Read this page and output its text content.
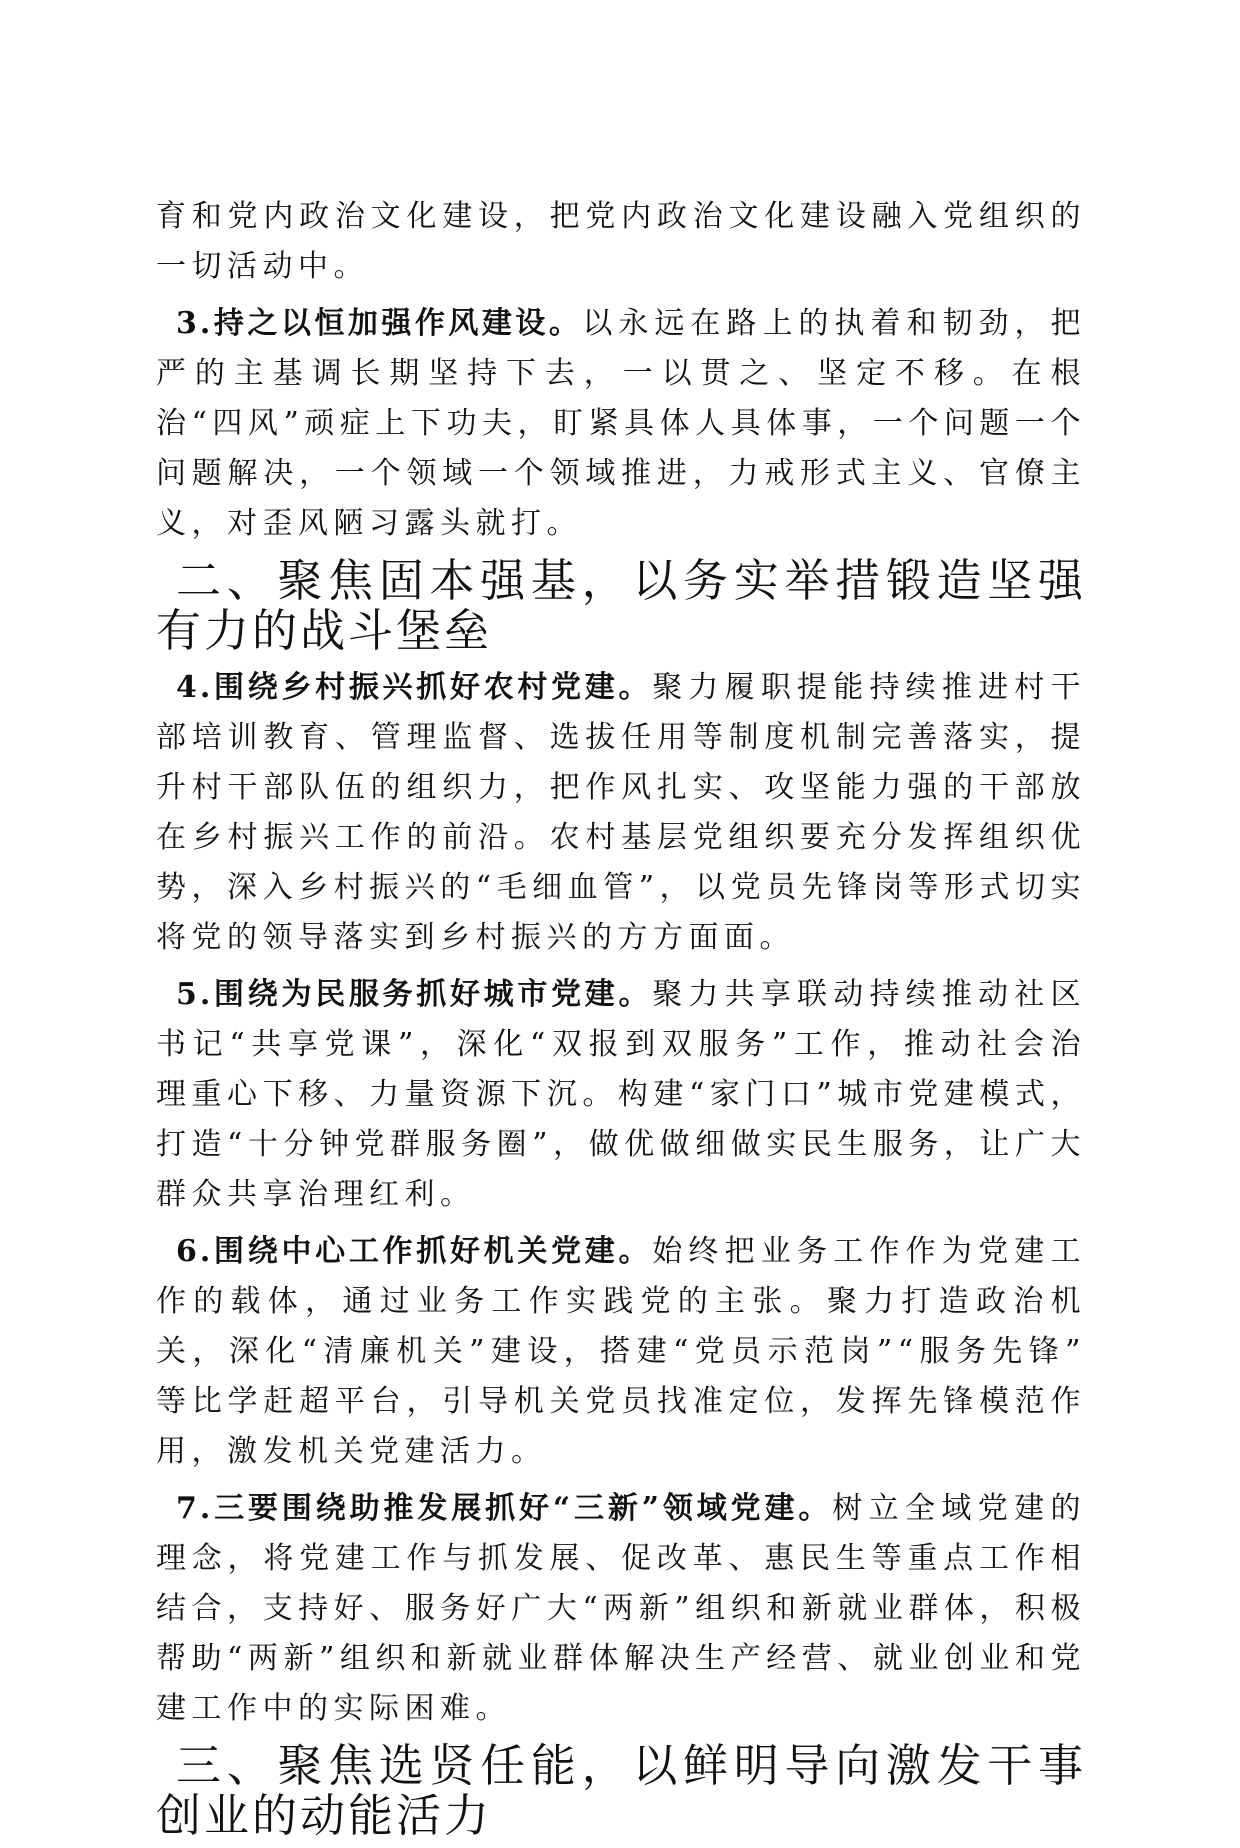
育和党内政治文化建设，把党内政治文化建设融入党组织的一切活动中。

3.持之以恒加强作风建设。以永远在路上的执着和韧劲，把严的主基调长期坚持下去，一以贯之、坚定不移。在根治“四风”顽症上下功夫，盯紧具体人具体事，一个问题一个问题解决，一个领域一个领域推进，力戒形式主义、官僚主义，对歪风陋习露头就打。

二、聚焦固本强基，以务实举措锻造坚强有力的战斗堡垒

4.围绕乡村振兴抓好农村党建。聚力履职提能持续推进村干部培训教育、管理监督、选拔任用等制度机制完善落实，提升村干部队伍的组织力，把作风扎实、攻坚能力强的干部放在乡村振兴工作的前沿。农村基层党组织要充分发挥组织优势，深入乡村振兴的“毛细血管”，以党员先锋岗等形式切实将党的领导落实到乡村振兴的方方面面。

5.围绕为民服务抓好城市党建。聚力共享联动持续推动社区书记“共享党课”，深化“双报到双服务”工作，推动社会治理重心下移、力量资源下沉。构建“家门口”城市党建模式，打造“十分钟党群服务圈”，做优做细做实民生服务，让广大群众共享治理红利。

6.围绕中心工作抓好机关党建。始终把业务工作作为党建工作的载体，通过业务工作实践党的主张。聚力打造政治机关，深化“清廉机关”建设，搭建“党员示范岗”“服务先锋” 等比学赶超平台，引导机关党员找准定位，发挥先锋模范作用，激发机关党建活力。

7.三要围绕助推发展抓好“三新”领域党建。树立全域党建的理念，将党建工作与抓发展、促改革、惠民生等重点工作相结合，支持好、服务好广大“两新”组织和新就业群体，积极帮助“两新”组织和新就业群体解决生产经营、就业创业和党建工作中的实际困难。

三、聚焦选贤任能，以鲜明导向激发干事创业的动能活力
